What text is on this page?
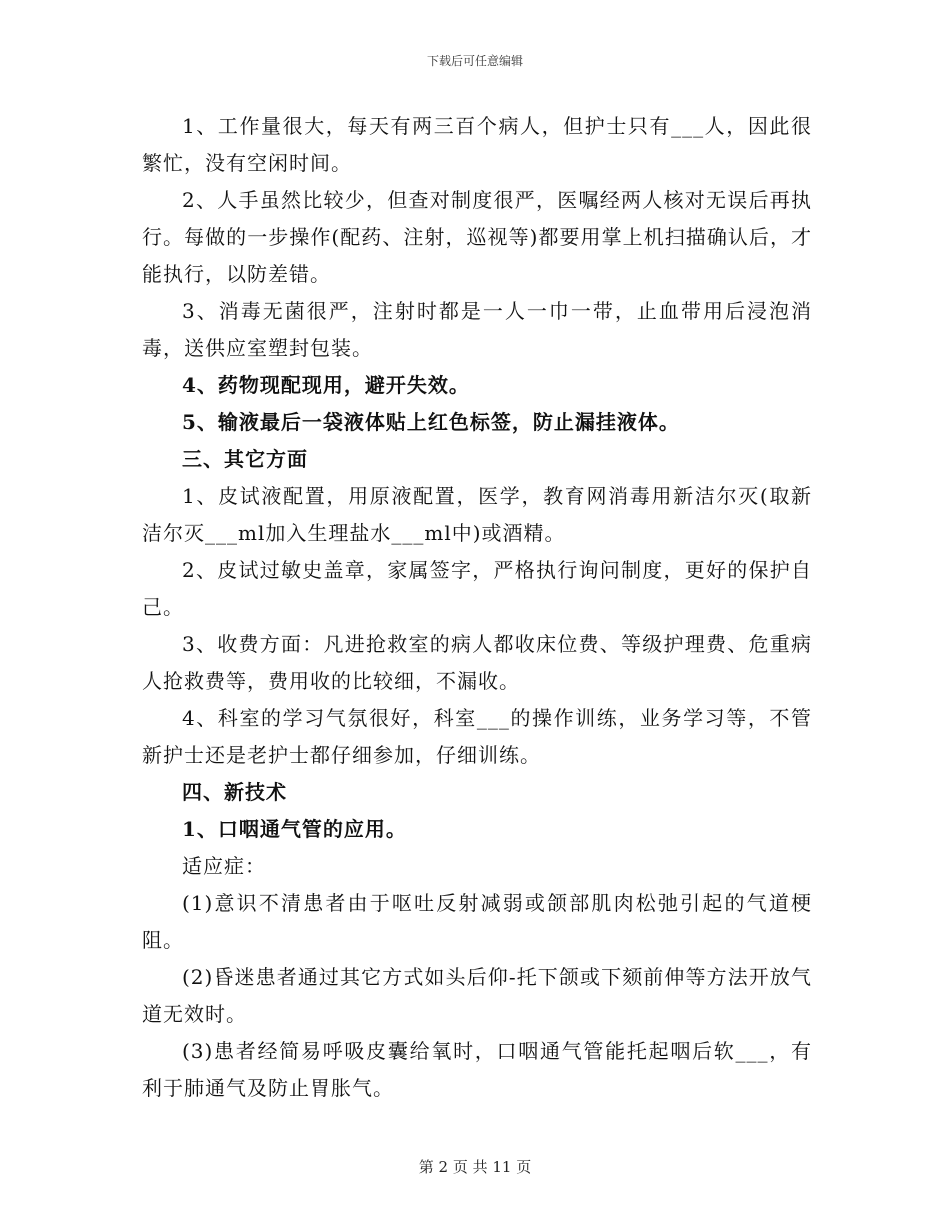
下载后可任意编辑

1、工作量很大，每天有两三百个病人，但护士只有___人，因此很繁忙，没有空闲时间。

2、人手虽然比较少，但查对制度很严，医嘱经两人核对无误后再执行。每做的一步操作(配药、注射，巡视等)都要用掌上机扫描确认后，才能执行，以防差错。

3、消毒无菌很严，注射时都是一人一巾一带，止血带用后浸泡消毒，送供应室塑封包装。

4、药物现配现用，避开失效。

5、输液最后一袋液体贴上红色标签，防止漏挂液体。

三、其它方面

1、皮试液配置，用原液配置，医学，教育网消毒用新洁尔灭(取新洁尔灭___ml加入生理盐水___ml中)或酒精。

2、皮试过敏史盖章，家属签字，严格执行询问制度，更好的保护自己。

3、收费方面：凡进抢救室的病人都收床位费、等级护理费、危重病人抢救费等，费用收的比较细，不漏收。

4、科室的学习气氛很好，科室___的操作训练，业务学习等，不管新护士还是老护士都仔细参加，仔细训练。

四、新技术

1、口咽通气管的应用。

适应症：

(1)意识不清患者由于呕吐反射减弱或颌部肌肉松弛引起的气道梗阻。

(2)昏迷患者通过其它方式如头后仰-托下颌或下颏前伸等方法开放气道无效时。

(3)患者经简易呼吸皮囊给氧时，口咽通气管能托起咽后软___，有利于肺通气及防止胃胀气。

第 2 页 共 11 页
